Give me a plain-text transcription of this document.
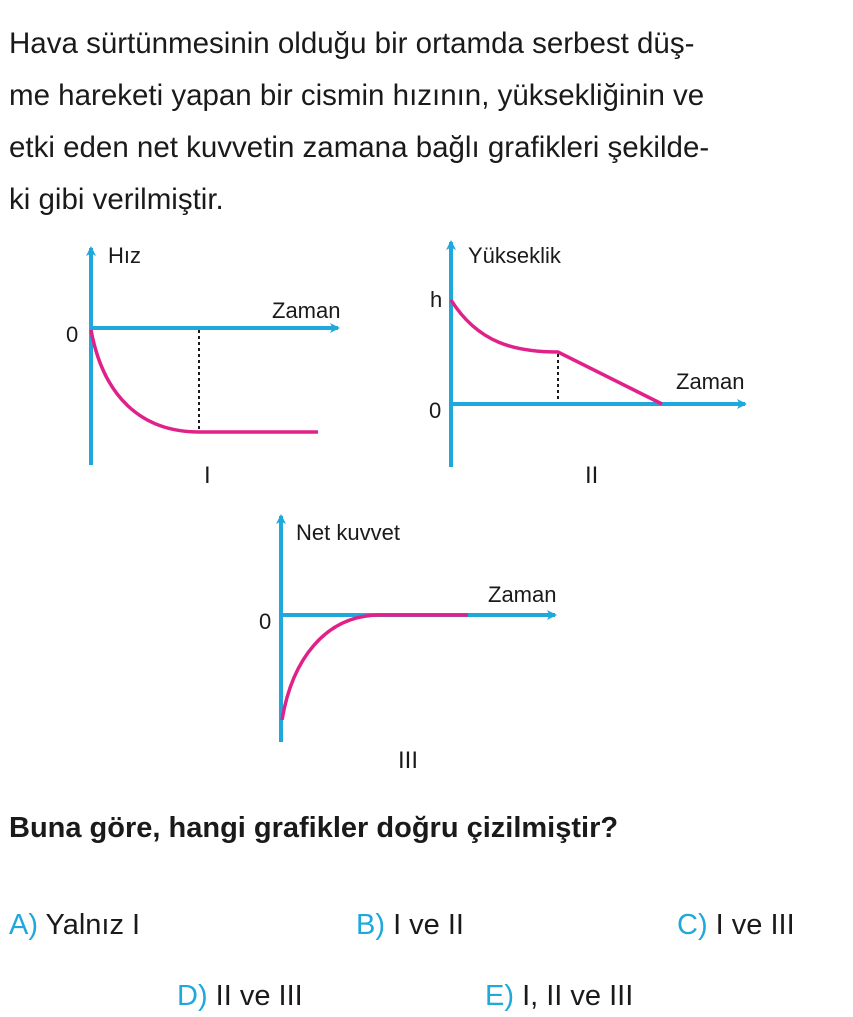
Hava sürtünmesinin olduğu bir ortamda serbest düş-
me hareketi yapan bir cismin hızının, yüksekliğinin ve
etki eden net kuvvetin zamana bağlı grafikleri şekilde-
ki gibi verilmiştir.

Hız
Zaman
0
I
Yükseklik
h
Zaman
0
II
Net kuvvet
Zaman
0
III

Buna göre, hangi grafikler doğru çizilmiştir?

A) Yalnız I	B) I ve II	C) I ve III
D) II ve III	E) I, II ve III
